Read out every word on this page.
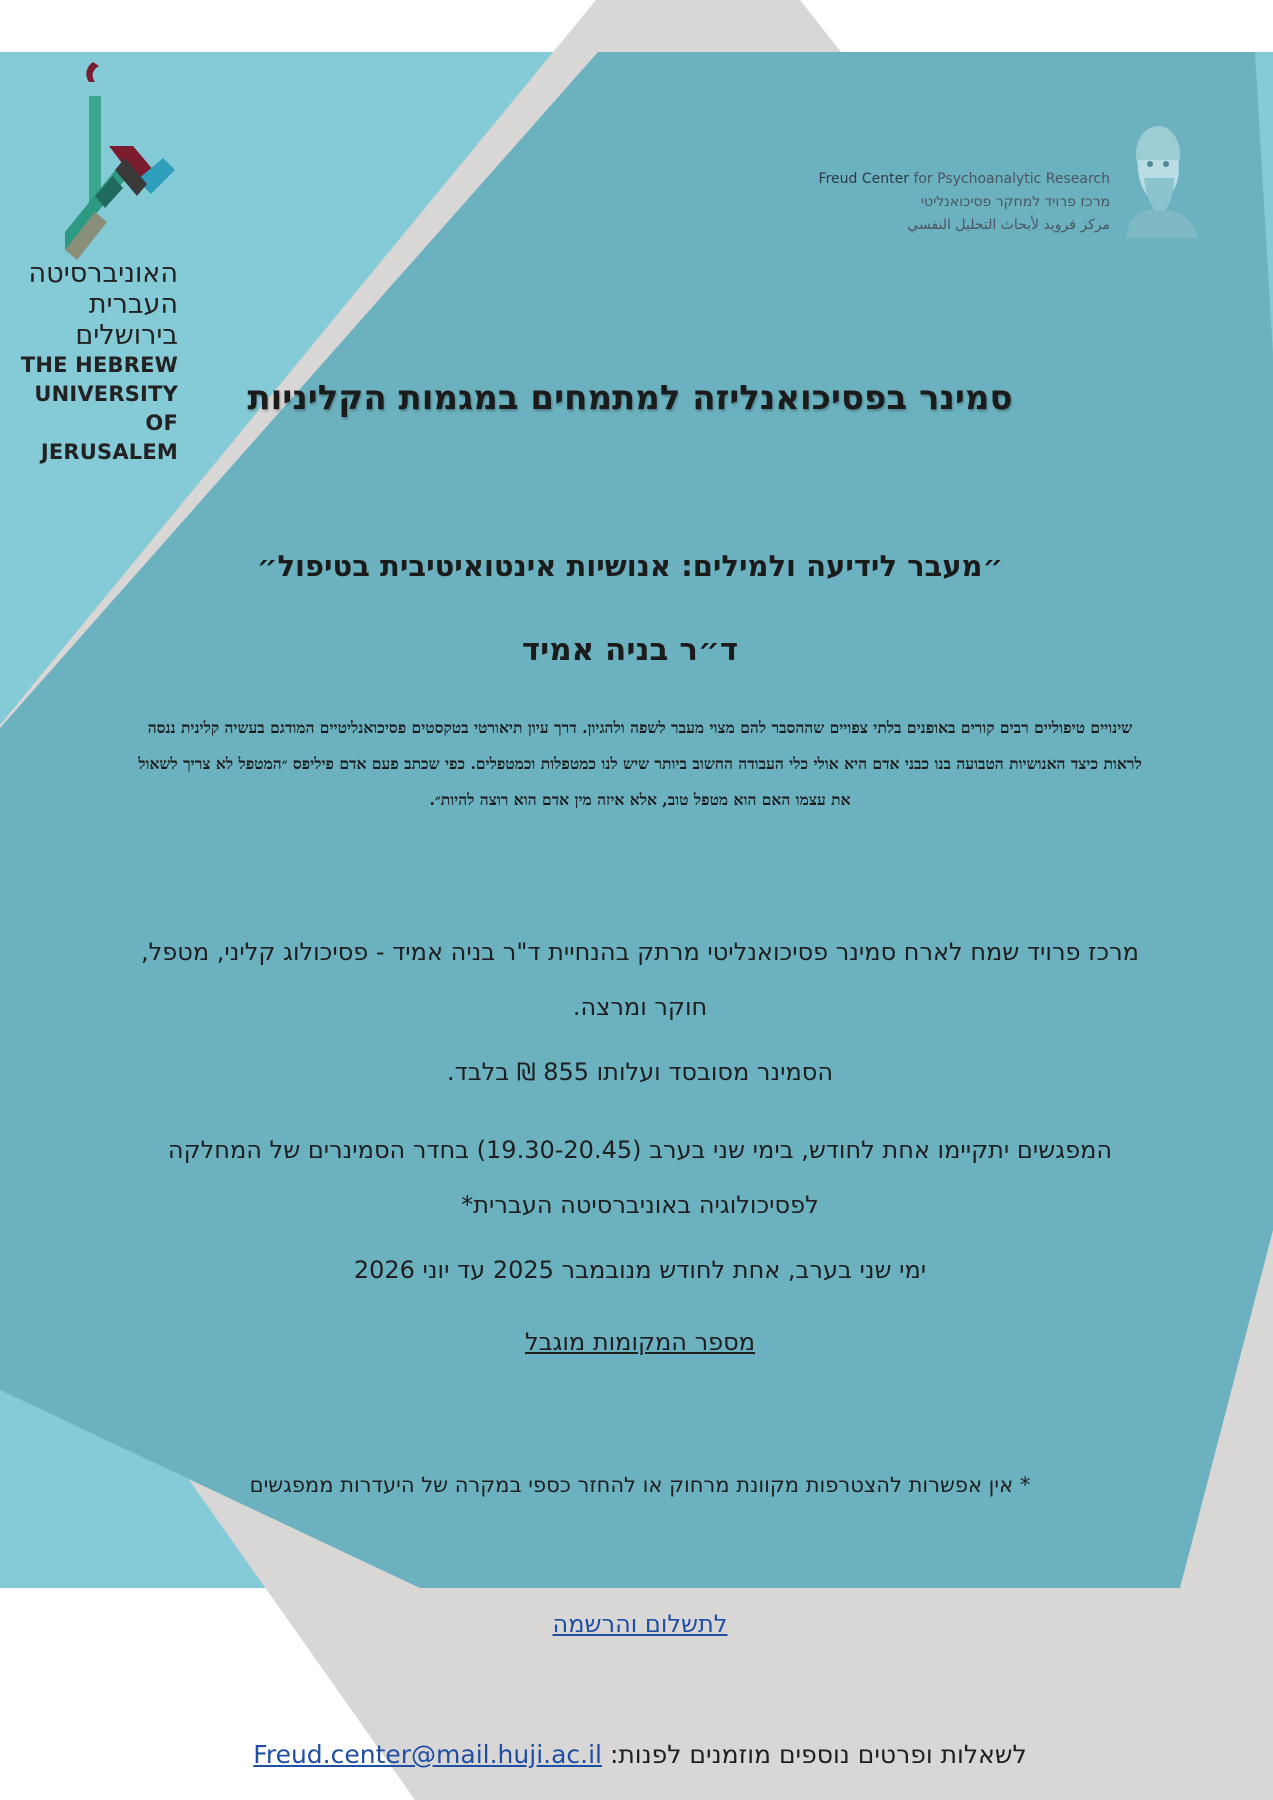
האוניברסיטה
העברית
בירושלים
THE HEBREW
UNIVERSITY
OF JERUSALEM
Freud Center for Psychoanalytic Research
מרכז פרויד למחקר פסיכואנליטי
مركز فرويد لأبحاث التحليل النفسي
סמינר בפסיכואנליזה למתמחים במגמות הקליניות
״מעבר לידיעה ולמילים: אנושיות אינטואיטיבית בטיפול״
ד״ר בניה אמיד
שינויים טיפוליים רבים קורים באופנים בלתי צפויים שההסבר להם מצוי מעבר לשפה ולהגיון. דרך עיון תיאורטי בטקסטים פסיכואנליטיים המודגם בעשיה קלינית ננסה לראות כיצד האנושיות הטבועה בנו כבני אדם היא אולי כלי העבודה החשוב ביותר שיש לנו כמטפלות וכמטפלים. כפי שכתב פעם אדם פיליפס ״המטפל לא צריך לשאול את עצמו האם הוא מטפל טוב, אלא איזה מין אדם הוא רוצה להיות״.
מרכז פרויד שמח לארח סמינר פסיכואנליטי מרתק בהנחיית ד"ר בניה אמיד - פסיכולוג קליני, מטפל, חוקר ומרצה.
הסמינר מסובסד ועלותו 855 ₪ בלבד.
המפגשים יתקיימו אחת לחודש, בימי שני בערב (19.30-20.45) בחדר הסמינרים של המחלקה לפסיכולוגיה באוניברסיטה העברית*
ימי שני בערב, אחת לחודש מנובמבר 2025 עד יוני 2026
מספר המקומות מוגבל
* אין אפשרות להצטרפות מקוונת מרחוק או להחזר כספי במקרה של היעדרות ממפגשים
לתשלום והרשמה
לשאלות ופרטים נוספים מוזמנים לפנות: Freud.center@mail.huji.ac.il
